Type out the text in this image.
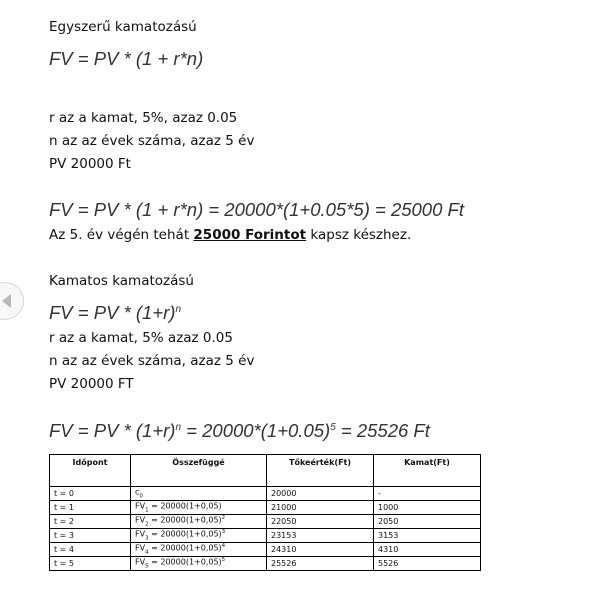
Egyszerű kamatozású
FV = PV * (1 + r*n)
r az a kamat, 5%, azaz 0.05
n az az évek száma, azaz 5 év
PV 20000 Ft
FV = PV * (1 + r*n) = 20000*(1+0.05*5) = 25000 Ft
Az 5. év végén tehát 25000 Forintot kapsz készhez.
Kamatos kamatozású
FV = PV * $(1+r)^n$
r az a kamat, 5% azaz 0.05
n az az évek száma, azaz 5 év
PV 20000 FT
FV = PV * $(1+r)^n = 20000*(1+0.05)^5 = 25526$ Ft
Időpont	Összefüggé	Tőkeérték(Ft)	Kamat(Ft)
t = 0	$c_0$	20000	-
t = 1	$FV_1 = 20000(1+0,05)$	21000	1000
t = 2	$FV_2 = 20000(1+0,05)^2$	22050	2050
t = 3	$FV_3 = 20000(1+0,05)^3$	23153	3153
t = 4	$FV_4 = 20000(1+0,05)^4$	24310	4310
t = 5	$FV_5 = 20000(1+0,05)^5$	25526	5526
